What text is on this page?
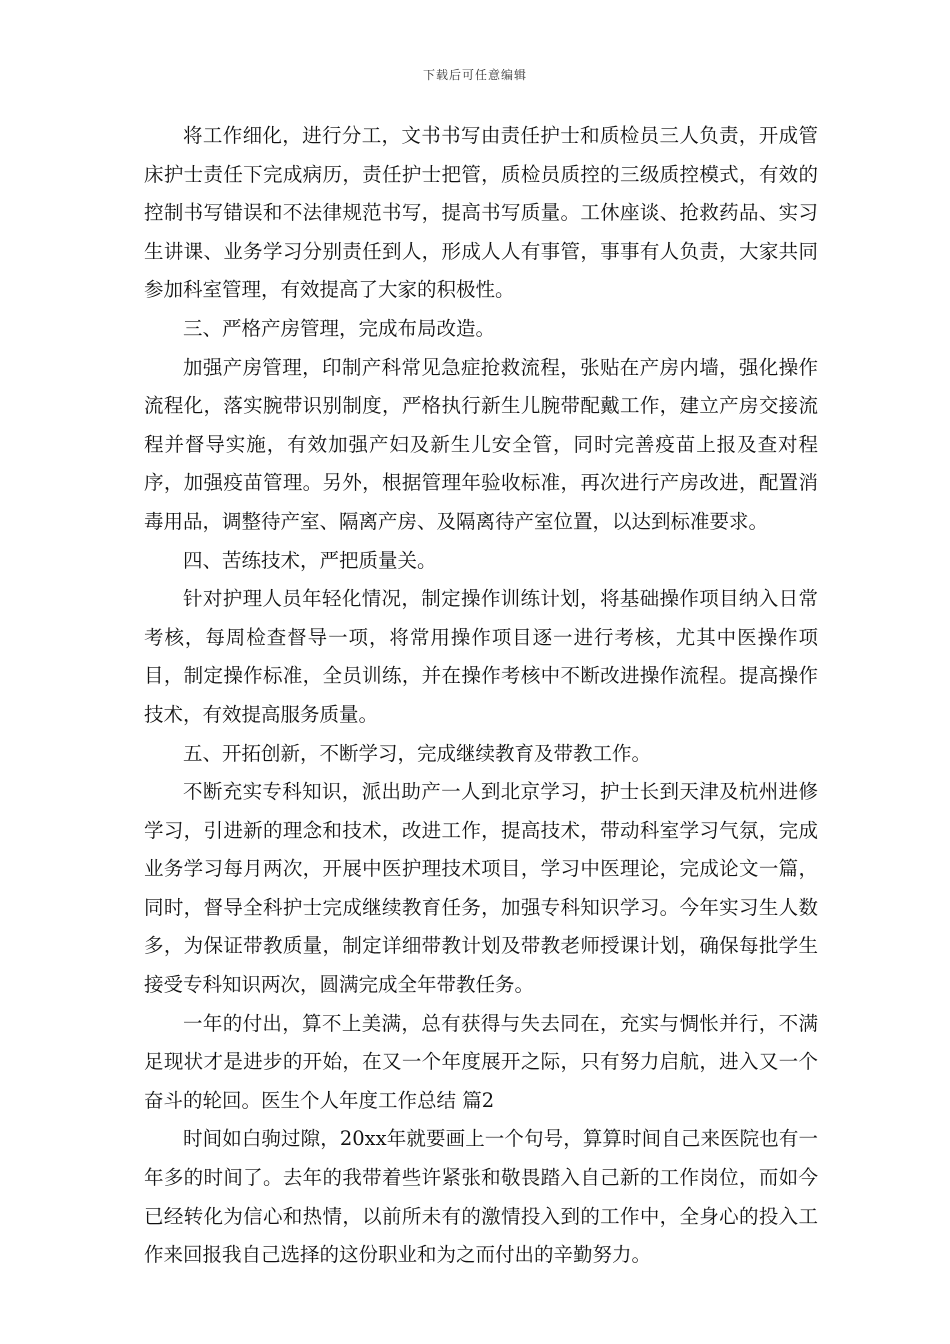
下载后可任意编辑

将工作细化，进行分工，文书书写由责任护士和质检员三人负责，开成管床护士责任下完成病历，责任护士把管，质检员质控的三级质控模式，有效的控制书写错误和不法律规范书写，提高书写质量。工休座谈、抢救药品、实习生讲课、业务学习分别责任到人，形成人人有事管，事事有人负责，大家共同参加科室管理，有效提高了大家的积极性。

三、严格产房管理，完成布局改造。

加强产房管理，印制产科常见急症抢救流程，张贴在产房内墙，强化操作流程化，落实腕带识别制度，严格执行新生儿腕带配戴工作，建立产房交接流程并督导实施，有效加强产妇及新生儿安全管，同时完善疫苗上报及查对程序，加强疫苗管理。另外，根据管理年验收标准，再次进行产房改进，配置消毒用品，调整待产室、隔离产房、及隔离待产室位置，以达到标准要求。

四、苦练技术，严把质量关。

针对护理人员年轻化情况，制定操作训练计划，将基础操作项目纳入日常考核，每周检查督导一项，将常用操作项目逐一进行考核，尤其中医操作项目，制定操作标准，全员训练，并在操作考核中不断改进操作流程。提高操作技术，有效提高服务质量。

五、开拓创新，不断学习，完成继续教育及带教工作。

不断充实专科知识，派出助产一人到北京学习，护士长到天津及杭州进修学习，引进新的理念和技术，改进工作，提高技术，带动科室学习气氛，完成业务学习每月两次，开展中医护理技术项目，学习中医理论，完成论文一篇，同时，督导全科护士完成继续教育任务，加强专科知识学习。今年实习生人数多，为保证带教质量，制定详细带教计划及带教老师授课计划，确保每批学生接受专科知识两次，圆满完成全年带教任务。

一年的付出，算不上美满，总有获得与失去同在，充实与惆怅并行，不满足现状才是进步的开始，在又一个年度展开之际，只有努力启航，进入又一个奋斗的轮回。医生个人年度工作总结 篇2

时间如白驹过隙，20xx年就要画上一个句号，算算时间自己来医院也有一年多的时间了。去年的我带着些许紧张和敬畏踏入自己新的工作岗位，而如今已经转化为信心和热情，以前所未有的激情投入到的工作中，全身心的投入工作来回报我自己选择的这份职业和为之而付出的辛勤努力。
